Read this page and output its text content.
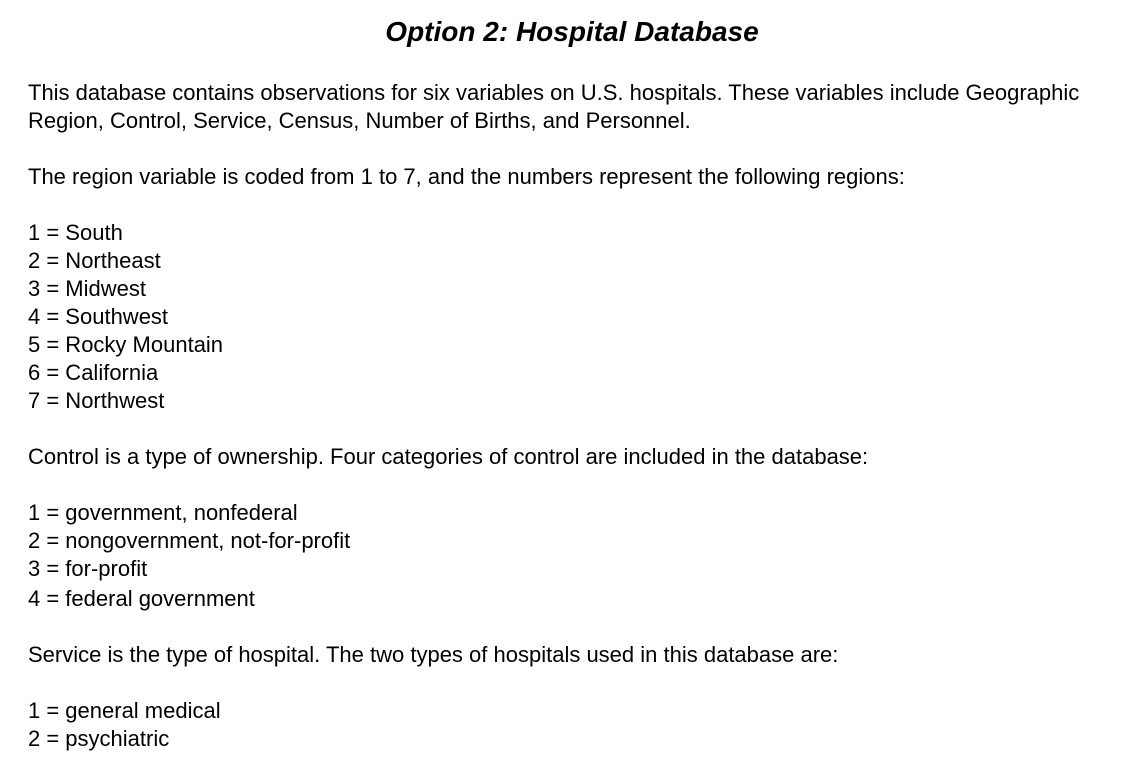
Option 2: Hospital Database

This database contains observations for six variables on U.S. hospitals. These variables include Geographic Region, Control, Service, Census, Number of Births, and Personnel.

The region variable is coded from 1 to 7, and the numbers represent the following regions:

1 = South
2 = Northeast
3 = Midwest
4 = Southwest
5 = Rocky Mountain
6 = California
7 = Northwest

Control is a type of ownership. Four categories of control are included in the database:

1 = government, nonfederal
2 = nongovernment, not-for-profit
3 = for-profit
4 = federal government

Service is the type of hospital. The two types of hospitals used in this database are:

1 = general medical
2 = psychiatric
